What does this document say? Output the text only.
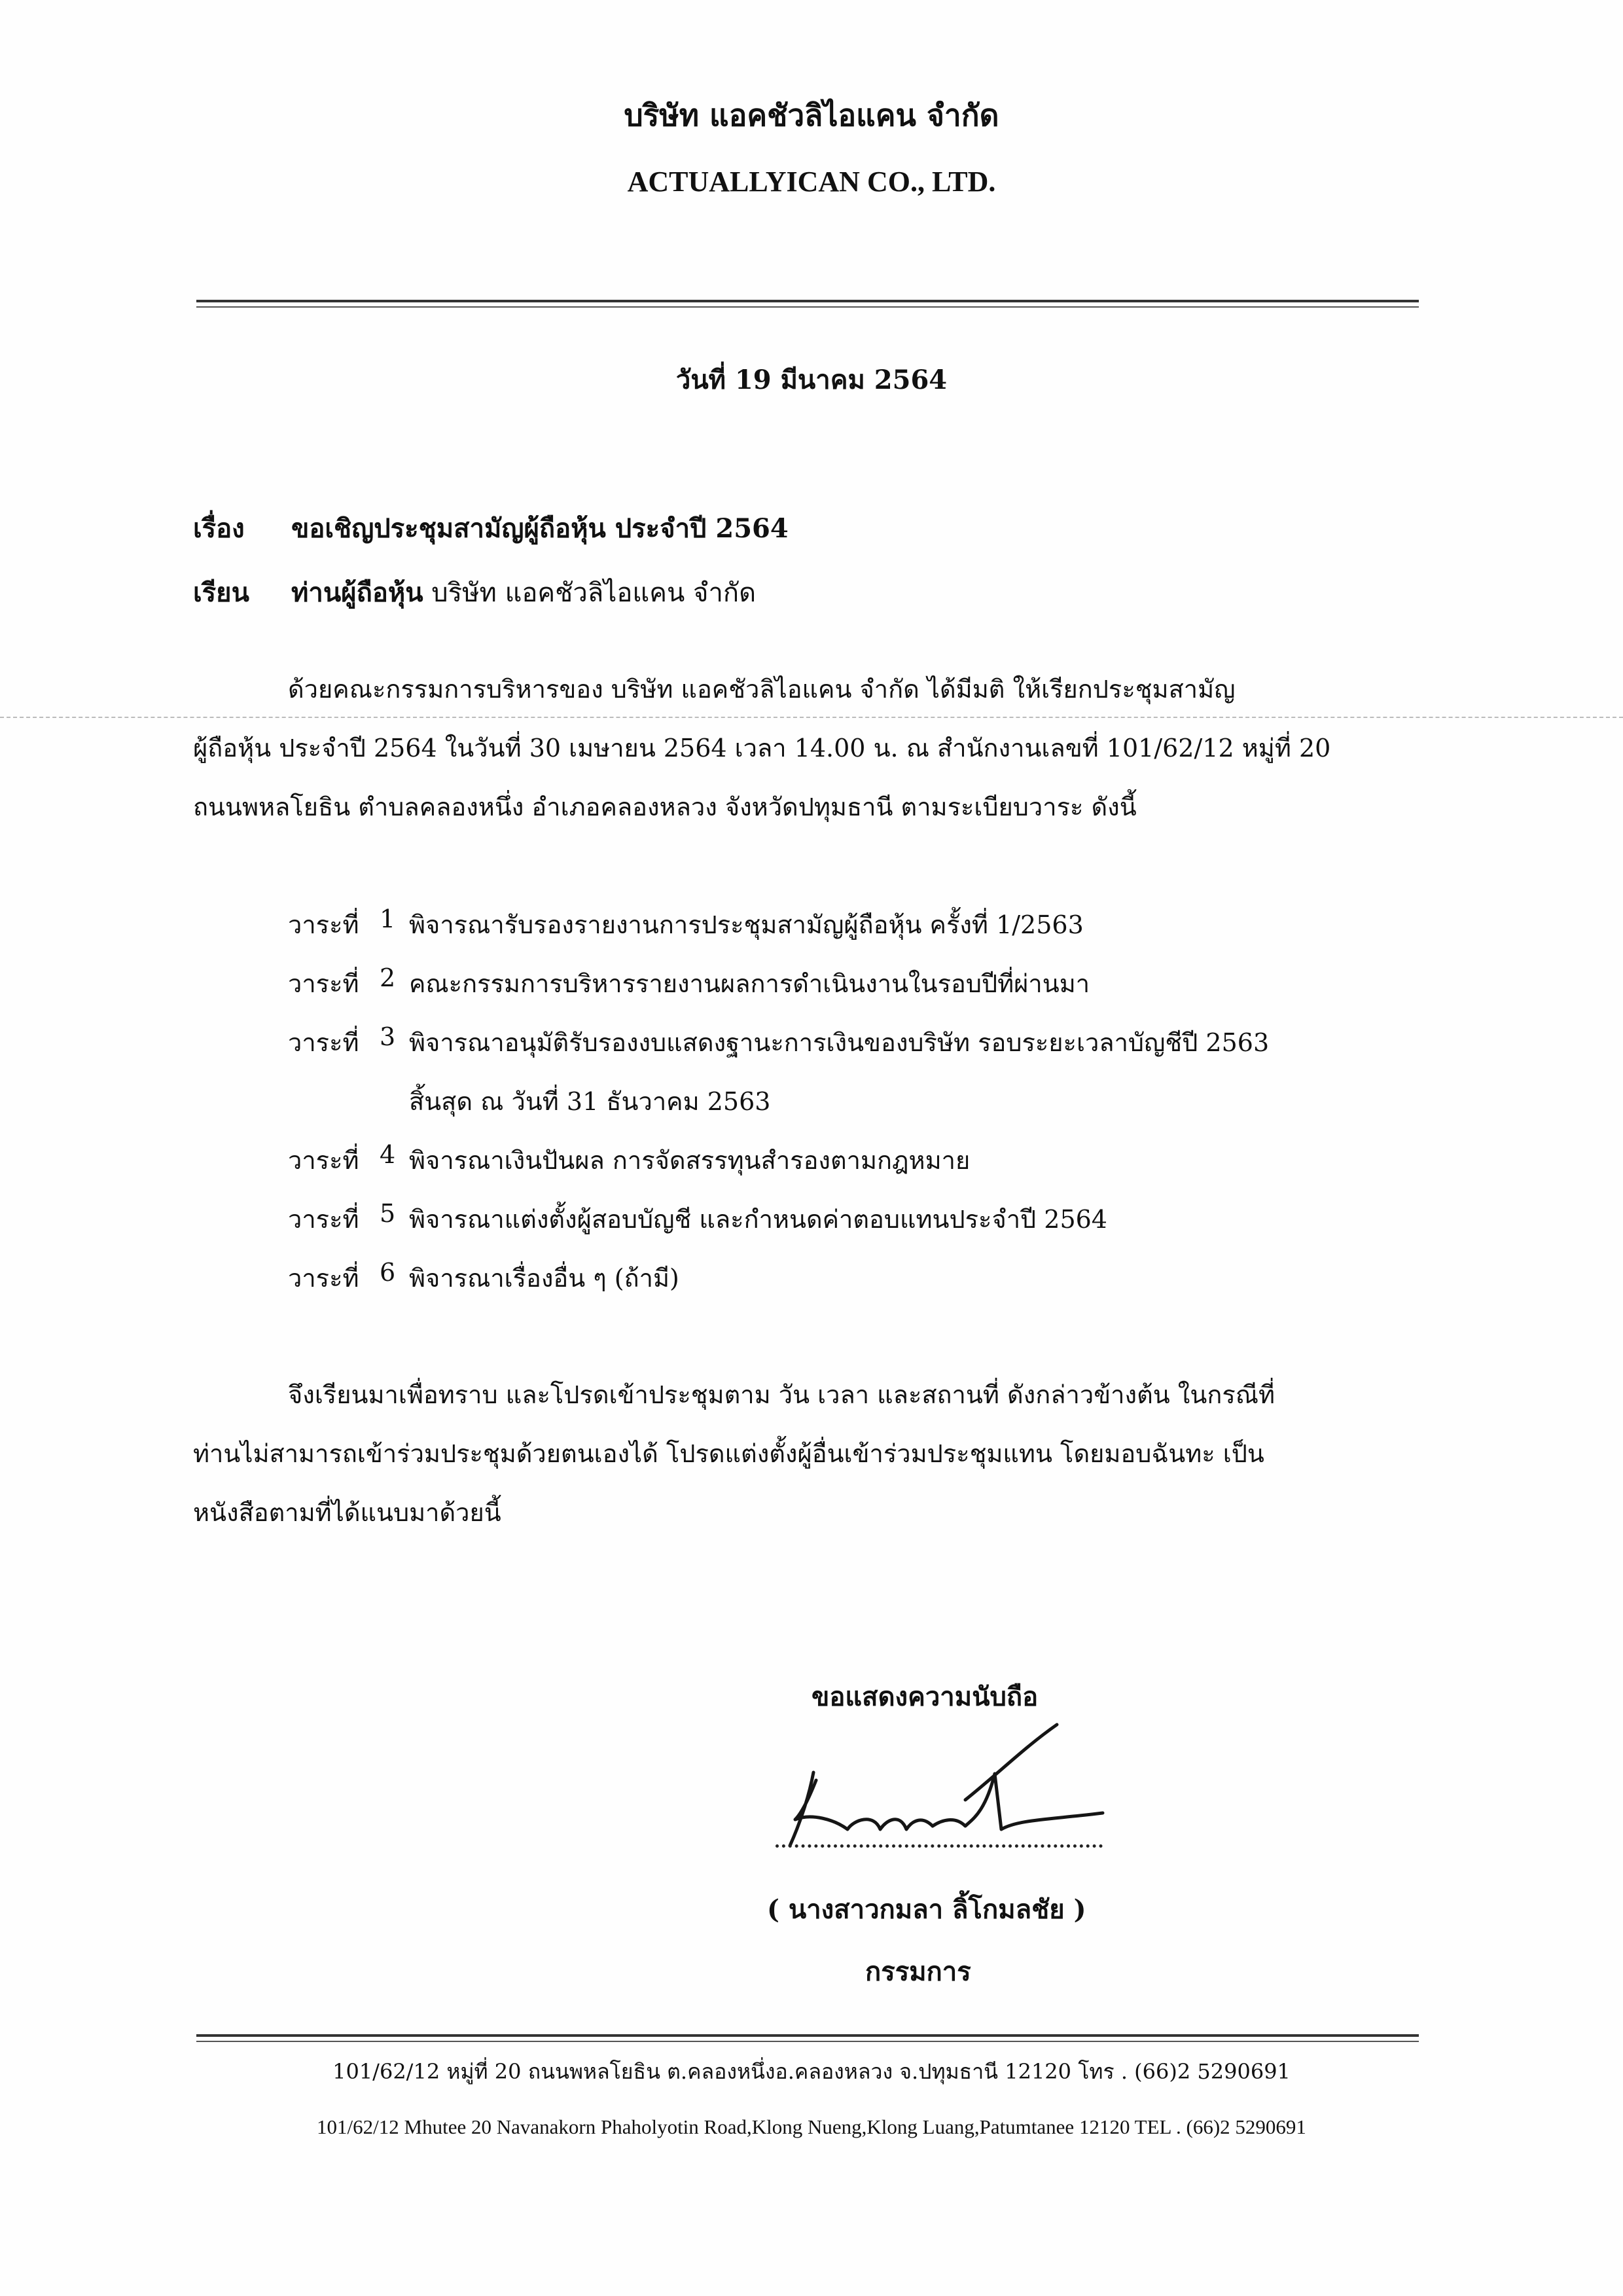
บริษัท แอคชัวลิไอแคน จำกัด
ACTUALLYICAN CO., LTD.
วันที่ 19 มีนาคม 2564
เรื่อง ขอเชิญประชุมสามัญผู้ถือหุ้น ประจำปี 2564
เรียน ท่านผู้ถือหุ้น บริษัท แอคชัวลิไอแคน จำกัด
ด้วยคณะกรรมการบริหารของ บริษัท แอคชัวลิไอแคน จำกัด ได้มีมติ ให้เรียกประชุมสามัญ
ผู้ถือหุ้น ประจำปี 2564 ในวันที่ 30 เมษายน 2564 เวลา 14.00 น. ณ สำนักงานเลขที่ 101/62/12 หมู่ที่ 20
ถนนพหลโยธิน ตำบลคลองหนึ่ง อำเภอคลองหลวง จังหวัดปทุมธานี ตามระเบียบวาระ ดังนี้
วาระที่ 1 พิจารณารับรองรายงานการประชุมสามัญผู้ถือหุ้น ครั้งที่ 1/2563
วาระที่ 2 คณะกรรมการบริหารรายงานผลการดำเนินงานในรอบปีที่ผ่านมา
วาระที่ 3 พิจารณาอนุมัติรับรองงบแสดงฐานะการเงินของบริษัท รอบระยะเวลาบัญชีปี 2563
สิ้นสุด ณ วันที่ 31 ธันวาคม 2563
วาระที่ 4 พิจารณาเงินปันผล การจัดสรรทุนสำรองตามกฎหมาย
วาระที่ 5 พิจารณาแต่งตั้งผู้สอบบัญชี และกำหนดค่าตอบแทนประจำปี 2564
วาระที่ 6 พิจารณาเรื่องอื่น ๆ (ถ้ามี)
จึงเรียนมาเพื่อทราบ และโปรดเข้าประชุมตาม วัน เวลา และสถานที่ ดังกล่าวข้างต้น ในกรณีที่
ท่านไม่สามารถเข้าร่วมประชุมด้วยตนเองได้ โปรดแต่งตั้งผู้อื่นเข้าร่วมประชุมแทน โดยมอบฉันทะ เป็น
หนังสือตามที่ได้แนบมาด้วยนี้
ขอแสดงความนับถือ
( นางสาวกมลา ลิ้โกมลชัย )
กรรมการ
101/62/12 หมู่ที่ 20 ถนนพหลโยธิน ต.คลองหนึ่งอ.คลองหลวง จ.ปทุมธานี 12120 โทร . (66)2 5290691
101/62/12 Mhutee 20 Navanakorn Phaholyotin Road,Klong Nueng,Klong Luang,Patumtanee 12120 TEL . (66)2 5290691
